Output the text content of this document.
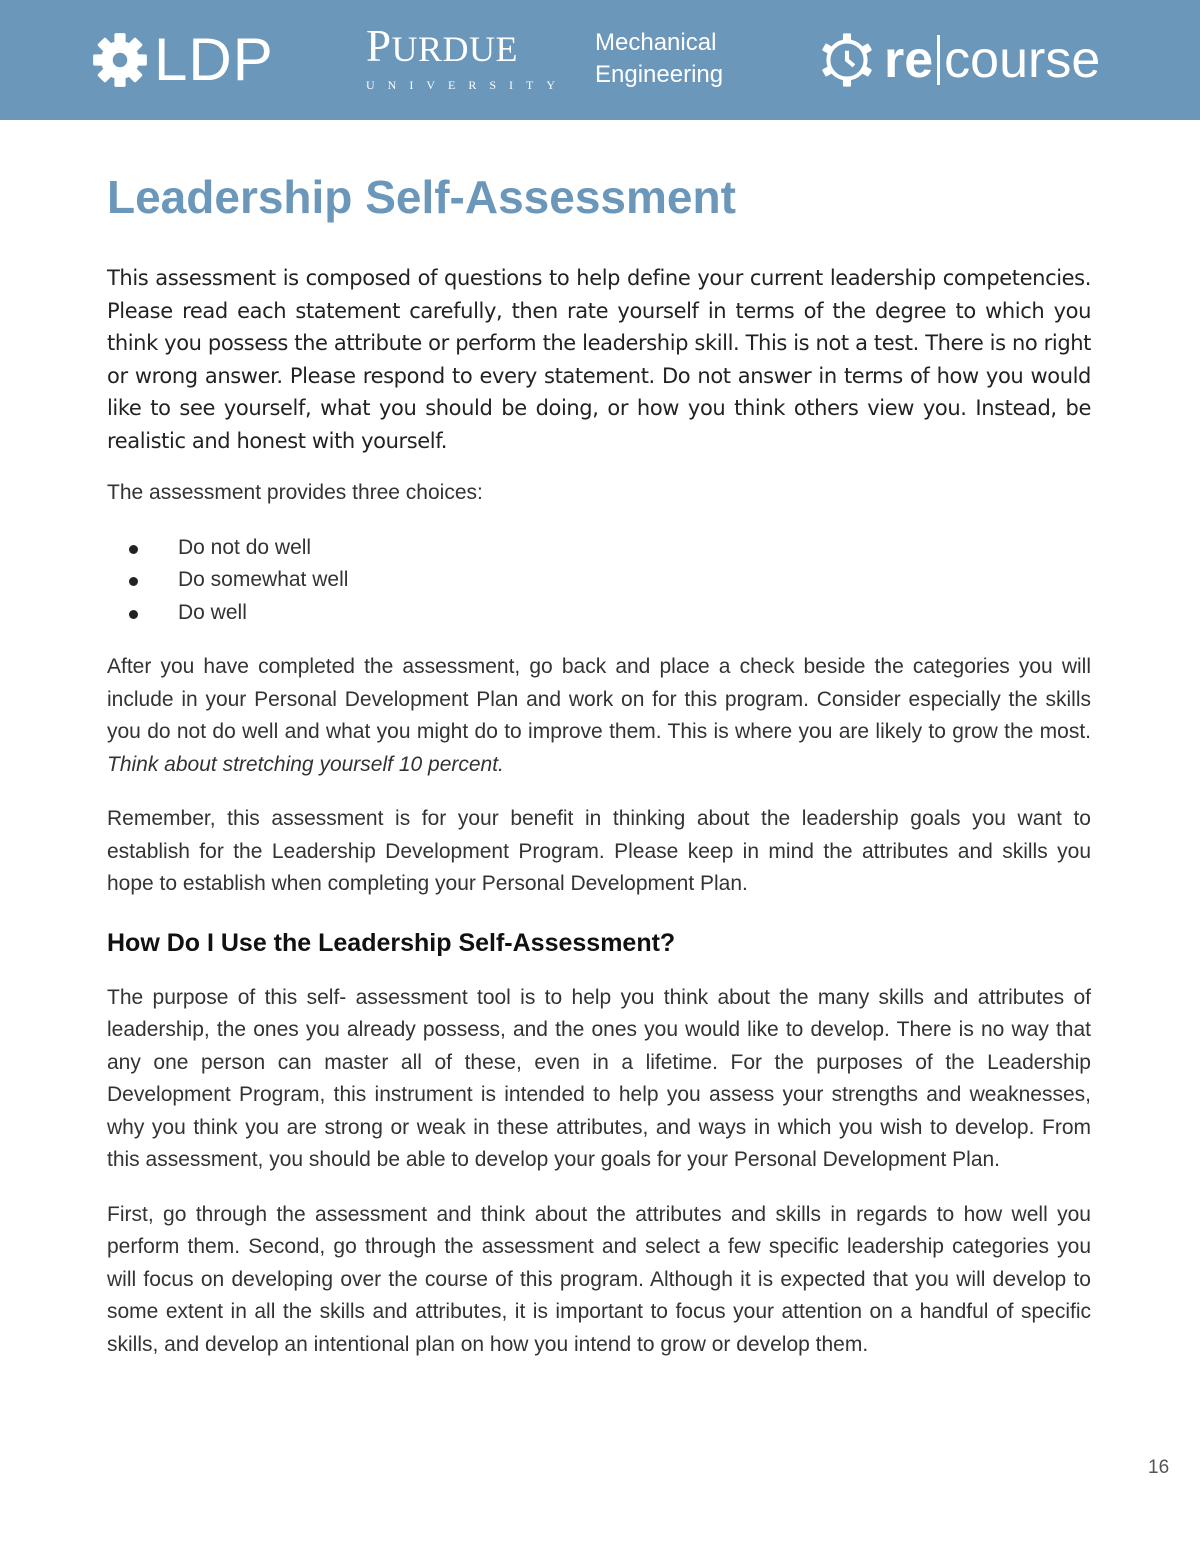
LDP PURDUE
UNIVERSITY
Mechanical
Engineering	re course
Leadership Self-Assessment

This assessment is composed of questions to help define your current leadership competencies. Please read each statement carefully, then rate yourself in terms of the degree to which you think you possess the attribute or perform the leadership skill. This is not a test. There is no right or wrong answer. Please respond to every statement. Do not answer in terms of how you would like to see yourself, what you should be doing, or how you think others view you. Instead, be realistic and honest with yourself.

The assessment provides three choices:

Do not do well
Do somewhat well
Do well

After you have completed the assessment, go back and place a check beside the categories you will include in your Personal Development Plan and work on for this program. Consider especially the skills you do not do well and what you might do to improve them. This is where you are likely to grow the most. Think about stretching yourself 10 percent.

Remember, this assessment is for your benefit in thinking about the leadership goals you want to establish for the Leadership Development Program. Please keep in mind the attributes and skills you hope to establish when completing your Personal Development Plan.

How Do I Use the Leadership Self-Assessment?

The purpose of this self- assessment tool is to help you think about the many skills and attributes of leadership, the ones you already possess, and the ones you would like to develop. There is no way that any one person can master all of these, even in a lifetime. For the purposes of the Leadership Development Program, this instrument is intended to help you assess your strengths and weaknesses, why you think you are strong or weak in these attributes, and ways in which you wish to develop. From this assessment, you should be able to develop your goals for your Personal Development Plan.

First, go through the assessment and think about the attributes and skills in regards to how well you perform them. Second, go through the assessment and select a few specific leadership categories you will focus on developing over the course of this program. Although it is expected that you will develop to some extent in all the skills and attributes, it is important to focus your attention on a handful of specific skills, and develop an intentional plan on how you intend to grow or develop them.

16
